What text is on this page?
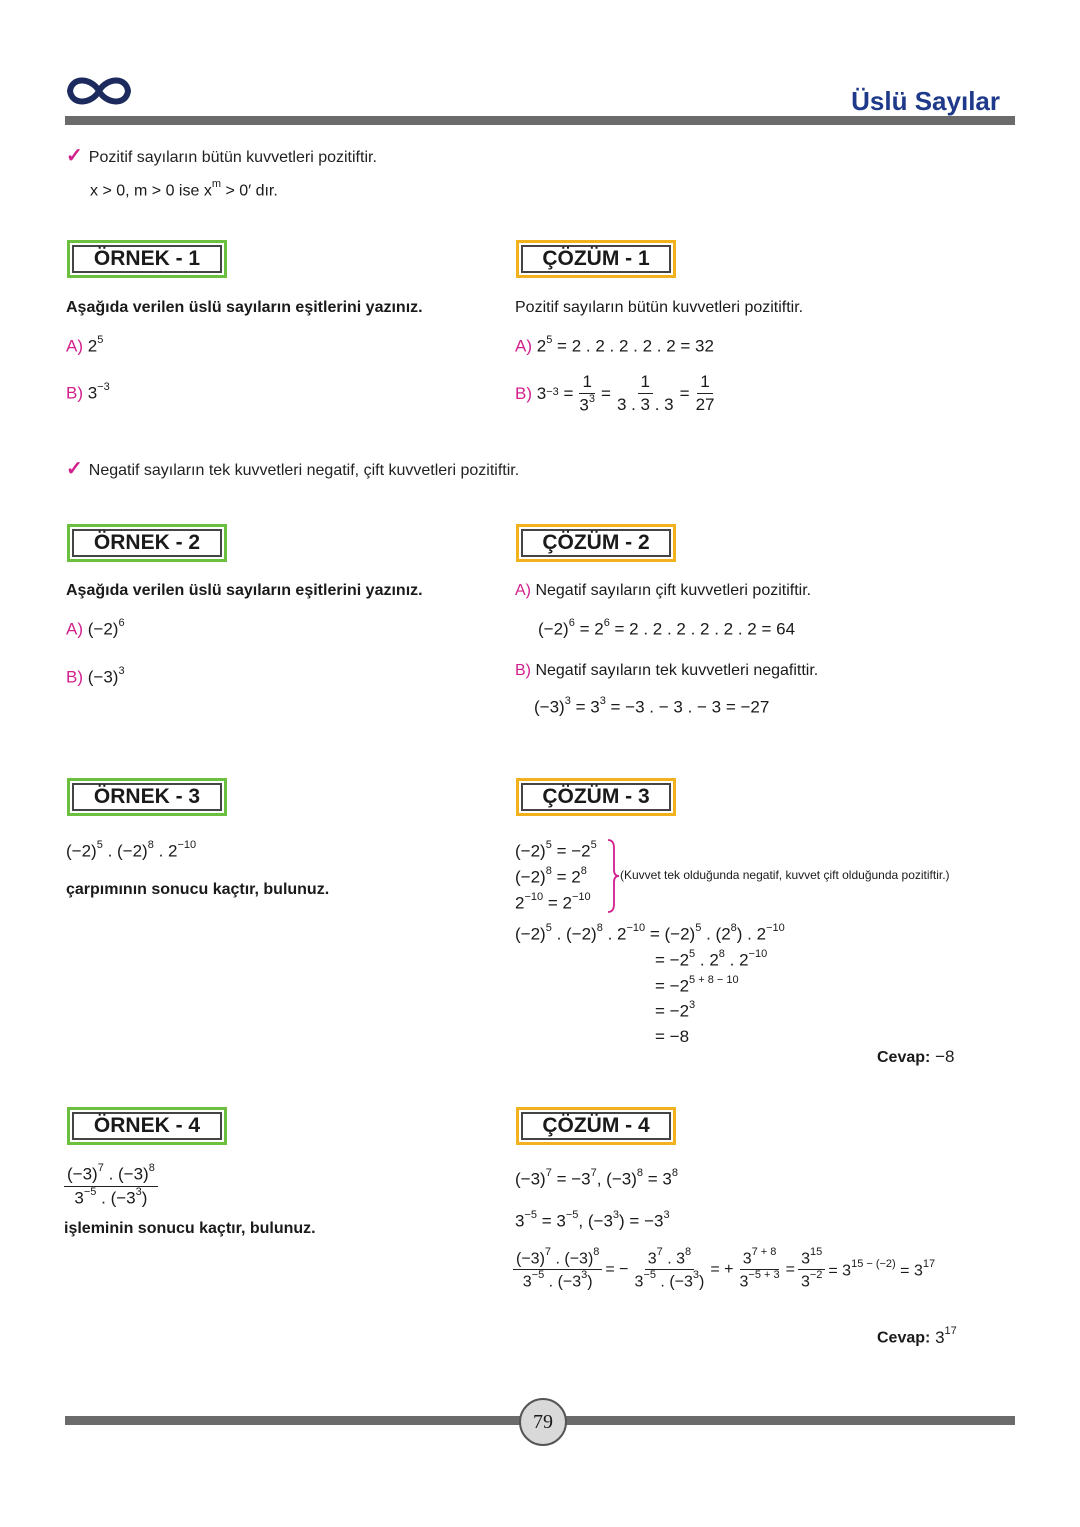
Üslü Sayılar
✓ Pozitif sayıların bütün kuvvetleri pozitiftir.
x > 0, m > 0 ise $x^m > 0'$ dır.
ÖRNEK - 1
Aşağıda verilen üslü sayıların eşitlerini yazınız.
A) $2^5$
B) $3^{-3}$
ÇÖZÜM - 1
Pozitif sayıların bütün kuvvetleri pozitiftir.
A) $2^5 = 2$ . 2 . 2 . 2 . 2 = 32
B)
$3^{-3} = \frac{1}{3^3} = \frac{1}{3 . 3 . 3} = \frac{1}{27}$
✓ Negatif sayıların tek kuvvetleri negatif, çift kuvvetleri pozitiftir.
ÖRNEK - 2
Aşağıda verilen üslü sayıların eşitlerini yazınız.
A) $(-2)^6$
B) $(-3)^3$
ÇÖZÜM - 2
A) Negatif sayıların çift kuvvetleri pozitiftir.
$(-2)^6 = 2^6 = 2$ . 2 . 2 . 2 . 2 . 2 = 64
B) Negatif sayıların tek kuvvetleri negafittir.
$(-3)^3 = 3^3 = -3$ . − 3 . − 3 = −27
ÖRNEK - 3
$(-2)^5$ . $(-2)^8$ . $2^{-10}$
çarpımının sonucu kaçtır, bulunuz.
ÇÖZÜM - 3
$(-2)^5 = -2^5$
$(-2)^8 = 2^8$
$2^{-10} = 2^{-10}$
(Kuvvet tek olduğunda negatif, kuvvet çift olduğunda pozitiftir.)
$(-2)^5$ . $(-2)^8$ . $2^{-10} = (-2)^5$ . $(2^8)$ . $2^{-10}$
= $-2^5$ . $2^8$ . $2^{-10}$
= $-2^{5 + 8 - 10}$
= $-2^3$
= −8
Cevap: −8
ÖRNEK - 4
$\frac{(-3)^7 . (-3)^8}{3^{-5} . (-3^3)}$
işleminin sonucu kaçtır, bulunuz.
ÇÖZÜM - 4
$(-3)^7 = -3^7$, $(-3)^8 = 3^8$
$3^{-5} = 3^{-5}$, $(-3^3) = -3^3$
$\frac{(-3)^7 . (-3)^8}{3^{-5} . (-3^3)}$ = − $\frac{3^7 . 3^8}{3^{-5} . (-3^3)}$ = + $\frac{3^{7 + 8}}{3^{-5 + 3}} = \frac{3^{15}}{3^{-2}} = 3^{15 - (-2)} = 3^{17}$
Cevap: $3^{17}$
79
